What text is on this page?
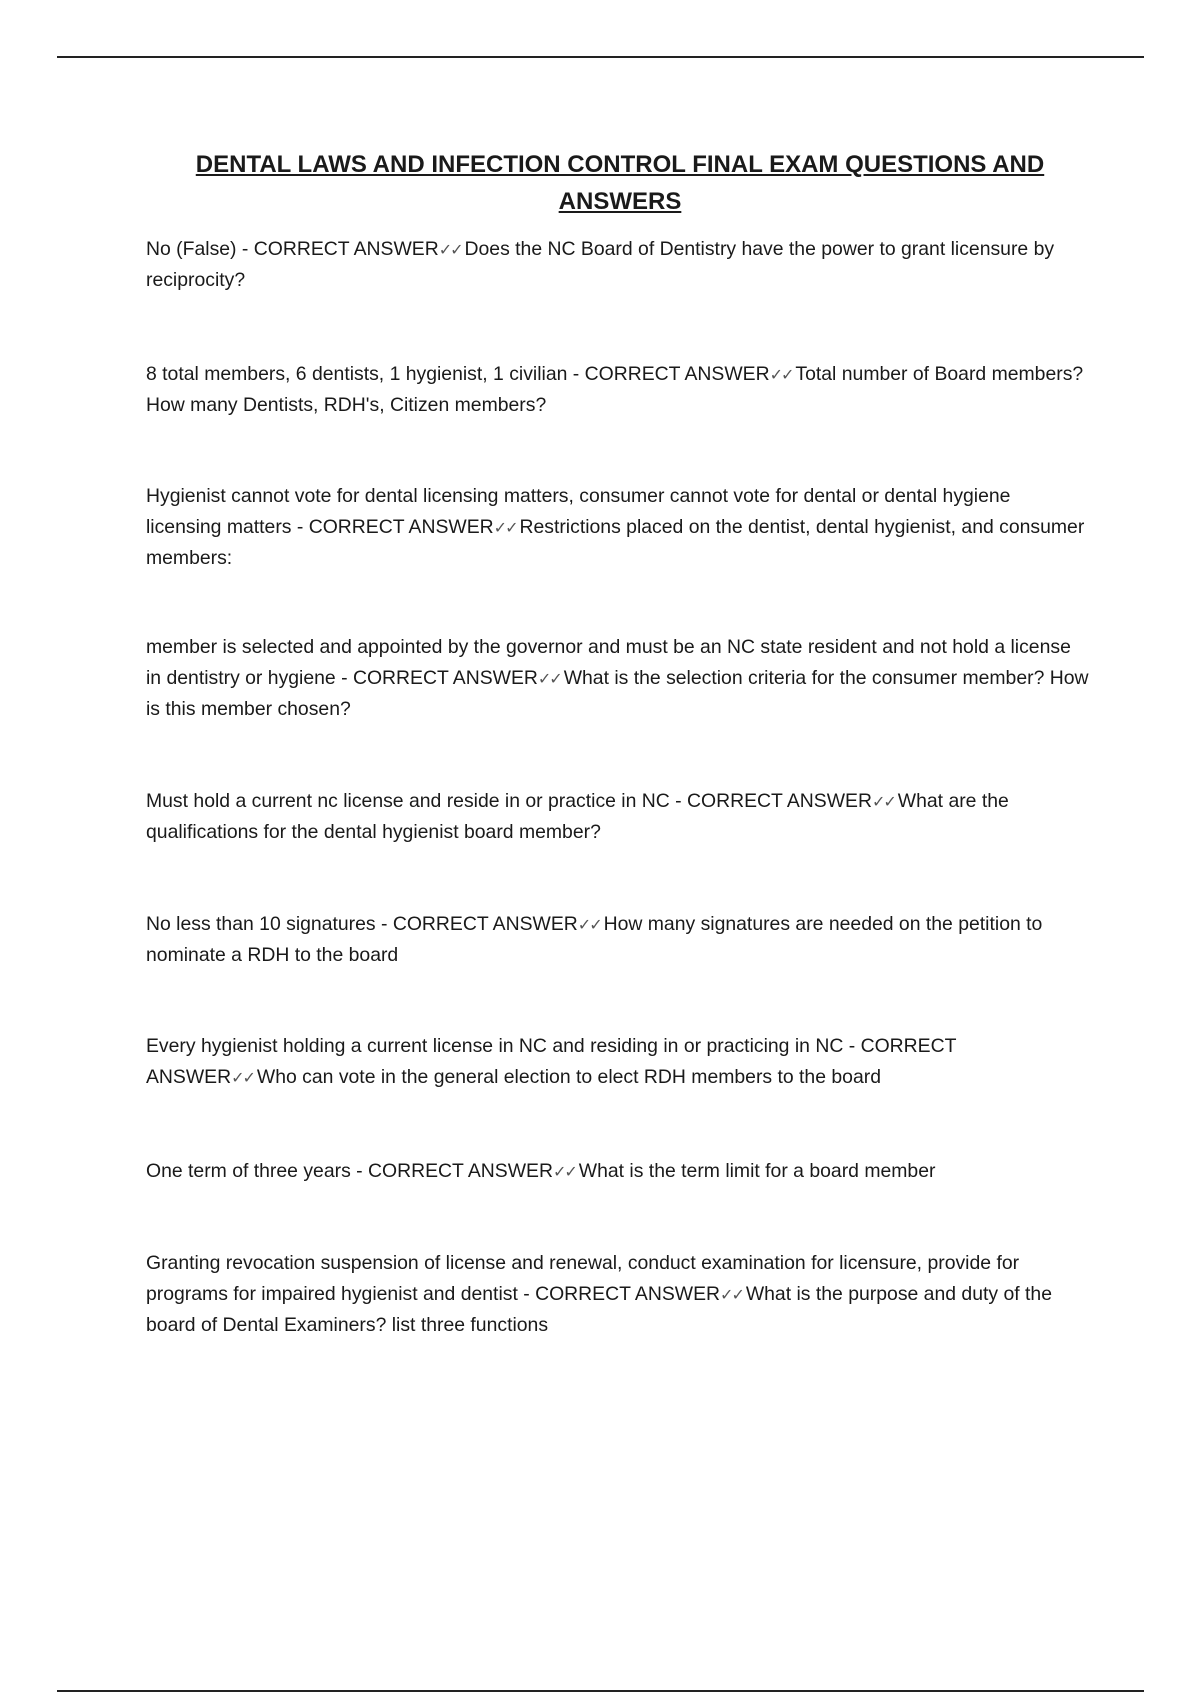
DENTAL LAWS AND INFECTION CONTROL FINAL EXAM QUESTIONS AND ANSWERS

No (False) - CORRECT ANSWER✓✓ Does the NC Board of Dentistry have the power to grant licensure by reciprocity?

8 total members, 6 dentists, 1 hygienist, 1 civilian - CORRECT ANSWER✓✓ Total number of Board members? How many Dentists, RDH's, Citizen members?

Hygienist cannot vote for dental licensing matters, consumer cannot vote for dental or dental hygiene licensing matters - CORRECT ANSWER✓✓ Restrictions placed on the dentist, dental hygienist, and consumer members:

member is selected and appointed by the governor and must be an NC state resident and not hold a license in dentistry or hygiene - CORRECT ANSWER✓✓ What is the selection criteria for the consumer member? How is this member chosen?

Must hold a current nc license and reside in or practice in NC - CORRECT ANSWER✓✓ What are the qualifications for the dental hygienist board member?

No less than 10 signatures - CORRECT ANSWER✓✓ How many signatures are needed on the petition to nominate a RDH to the board

Every hygienist holding a current license in NC and residing in or practicing in NC - CORRECT ANSWER✓✓ Who can vote in the general election to elect RDH members to the board

One term of three years - CORRECT ANSWER✓✓ What is the term limit for a board member

Granting revocation suspension of license and renewal, conduct examination for licensure, provide for programs for impaired hygienist and dentist - CORRECT ANSWER✓✓ What is the purpose and duty of the board of Dental Examiners? list three functions
